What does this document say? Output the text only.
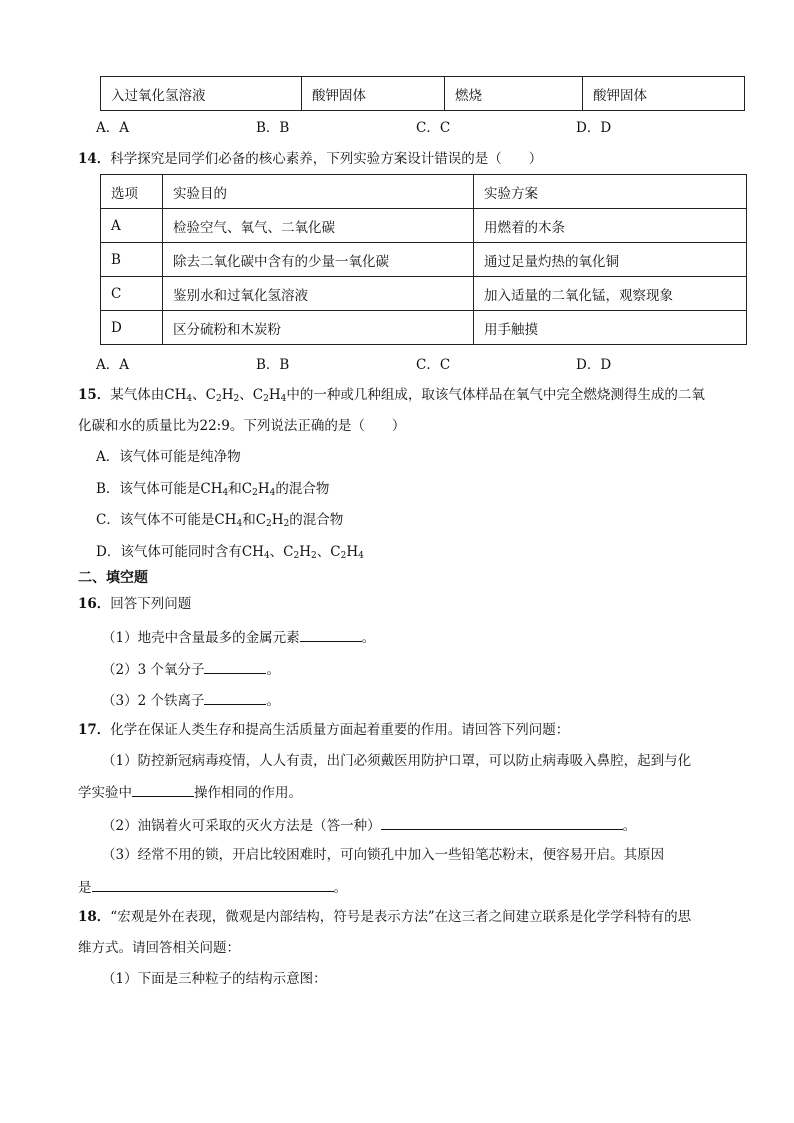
入过氧化氢溶液	酸钾固体	燃烧	酸钾固体
A．A	B．B	C．C	D．D
14．科学探究是同学们必备的核心素养，下列实验方案设计错误的是（　　）
选项	实验目的	实验方案
A	检验空气、氧气、二氧化碳	用燃着的木条
B	除去二氧化碳中含有的少量一氧化碳	通过足量灼热的氧化铜
C	鉴别水和过氧化氢溶液	加入适量的二氧化锰，观察现象
D	区分硫粉和木炭粉	用手触摸
A．A	B．B	C．C	D．D
15．某气体由$CH_4$、$C_2H_2$、$C_2H_4$中的一种或几种组成，取该气体样品在氧气中完全燃烧测得生成的二氧
化碳和水的质量比为22:9。下列说法正确的是（　　）
A．该气体可能是纯净物
B．该气体可能是$CH_4$和$C_2H_4$的混合物
C．该气体不可能是$CH_4$和$C_2H_2$的混合物
D．该气体可能同时含有$CH_4$、$C_2H_2$、$C_2H_4$
二、填空题
16．回答下列问题
（1）地壳中含量最多的金属元素	。
（2）3 个氧分子	。
（3）2 个铁离子	。
17．化学在保证人类生存和提高生活质量方面起着重要的作用。请回答下列问题：
（1）防控新冠病毒疫情，人人有责，出门必须戴医用防护口罩，可以防止病毒吸入鼻腔，起到与化
学实验中	操作相同的作用。
（2）油锅着火可采取的灭火方法是（答一种）	。
（3）经常不用的锁，开启比较困难时，可向锁孔中加入一些铅笔芯粉末，便容易开启。其原因
是	。
18．“宏观是外在表现，微观是内部结构，符号是表示方法”在这三者之间建立联系是化学学科特有的思
维方式。请回答相关问题：
（1）下面是三种粒子的结构示意图：
